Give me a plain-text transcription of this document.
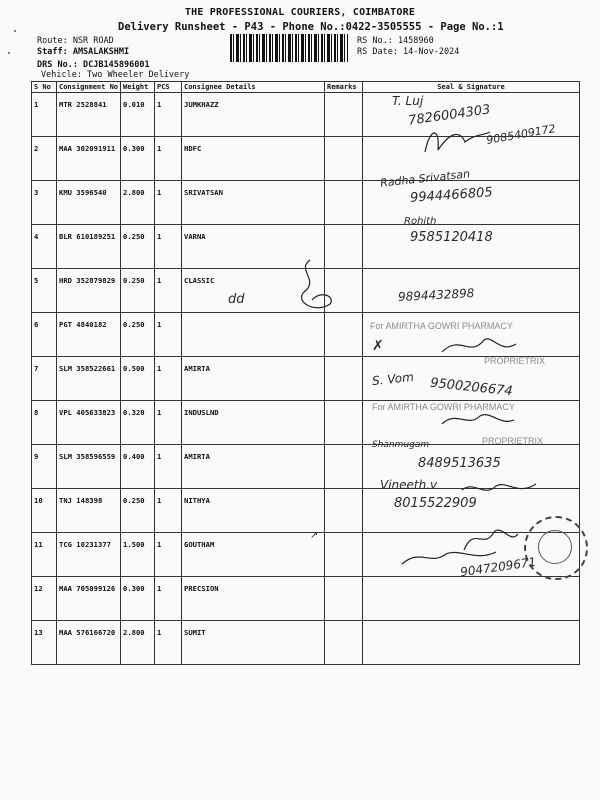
THE PROFESSIONAL COURIERS, COIMBATORE
Delivery Runsheet - P43 - Phone No.:0422-3505555 - Page No.:1
Route: NSR ROAD
Staff: AMSALAKSHMI
DRS No.: DCJB145896001
Vehicle: Two Wheeler Delivery
RS No.: 1458960
RS Date: 14-Nov-2024
S No	Consignment No	Weight	PCS	Consignee Details	Remarks	Seal & Signature
1	MTR 2528841	0.010	1	JUMKHAZZ		
2	MAA 302091911	0.300	1	HDFC		
3	KMU 3596540	2.800	1	SRIVATSAN		
4	BLR 610189251	0.250	1	VARNA		
5	HRD 352879829	0.250	1	CLASSIC		
6	PGT 4840182	0.250	1			
7	SLM 358522661	0.500	1	AMIRTA		
8	VPL 405633823	0.320	1	INDUSLND		
9	SLM 358596559	0.400	1	AMIRTA		
10	TNJ 148398	0.250	1	NITHYA		
11	TCG 10231377	1.500	1	GOUTHAM		
12	MAA 705099126	0.300	1	PRECSION		
13	MAA 576166720	2.800	1	SUMIT		
T. Luj
7826004303
9085409172
Radha Srivatsan
9944466805
Rohith
9585120418
dd	9894432898
For AMIRTHA GOWRI PHARMACY
✗
PROPRIETRIX
S. Vom 9500206674
For AMIRTHA GOWRI PHARMACY
PROPRIETRIX
Shanmugam
8489513635
Vineeth.v
8015522909
↗
9047209671
